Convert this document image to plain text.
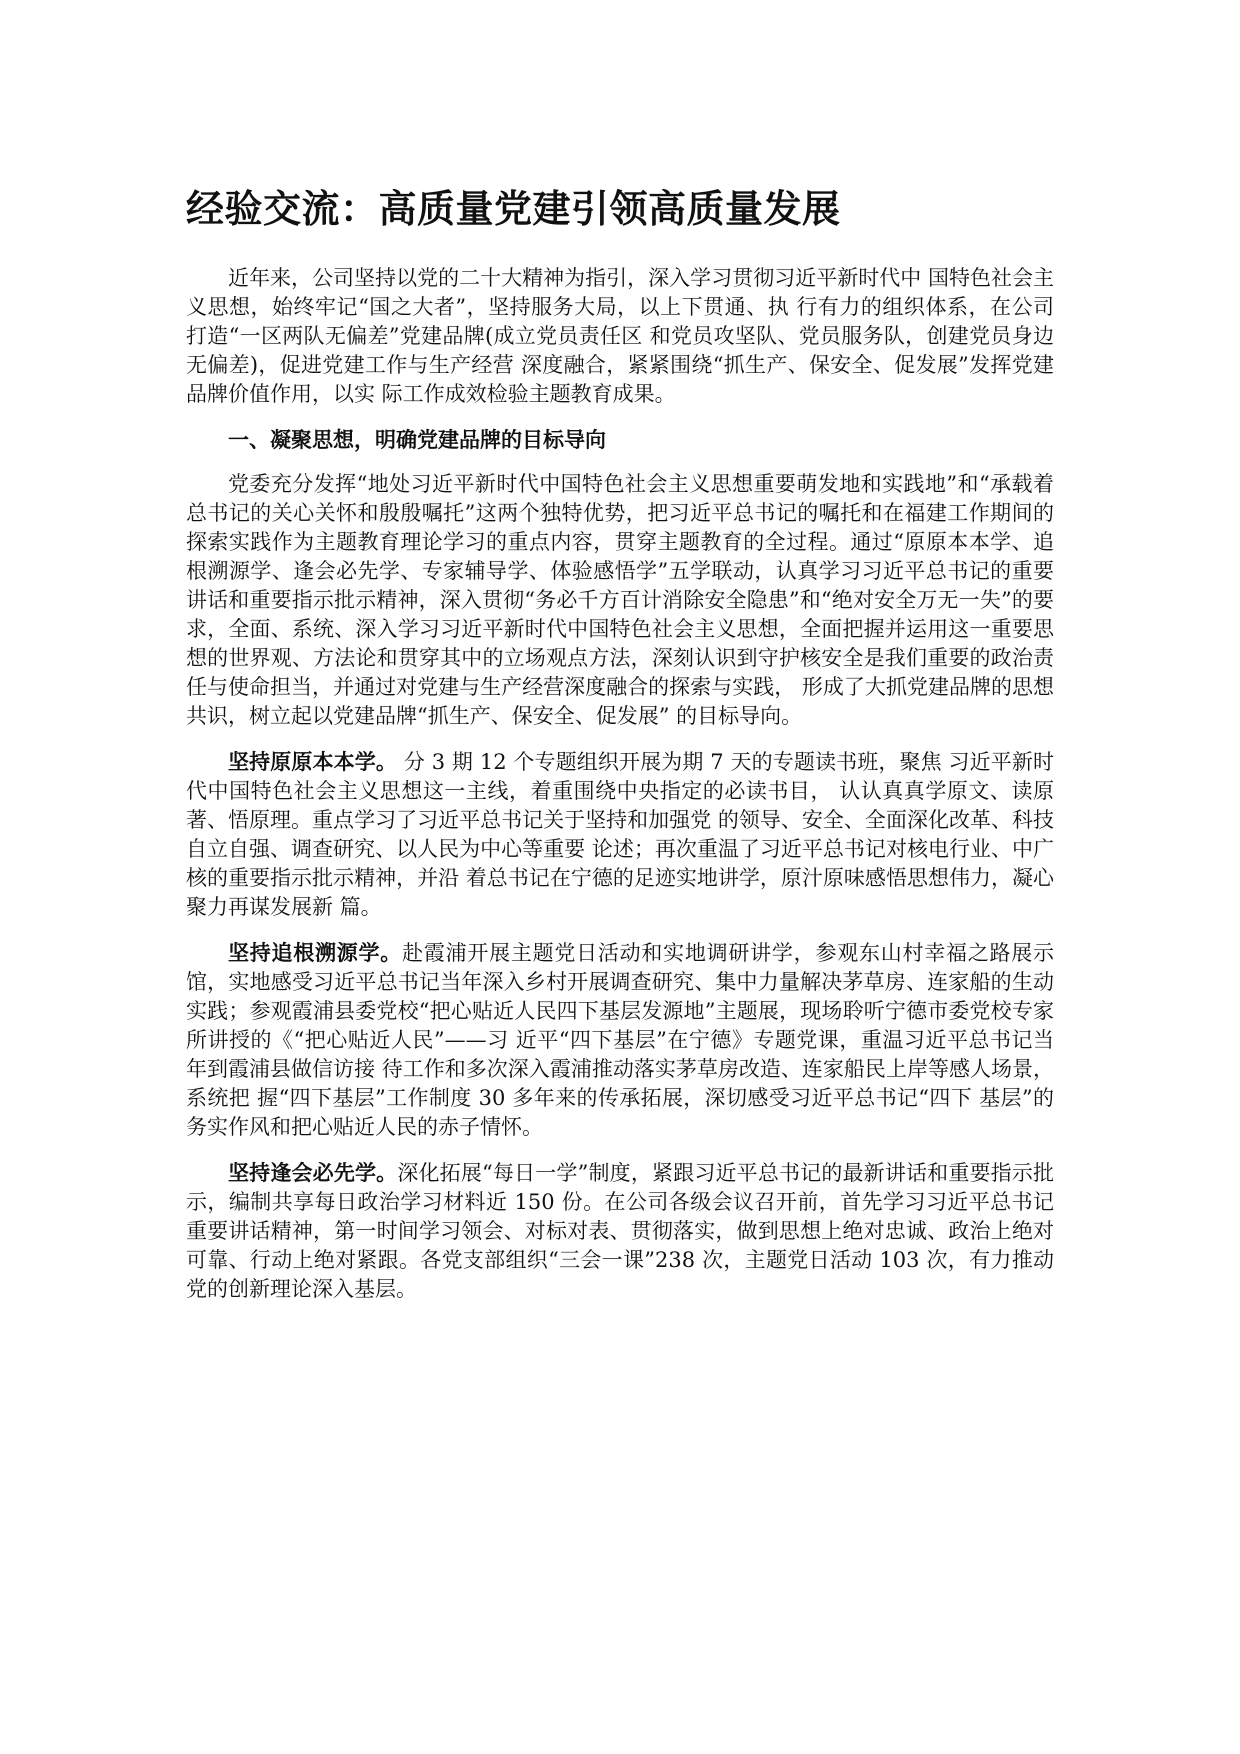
经验交流：高质量党建引领高质量发展

近年来，公司坚持以党的二十大精神为指引，深入学习贯彻习近平新时代中 国特色社会主义思想，始终牢记“国之大者”，坚持服务大局，以上下贯通、执 行有力的组织体系，在公司打造“一区两队无偏差”党建品牌(成立党员责任区 和党员攻坚队、党员服务队，创建党员身边无偏差)，促进党建工作与生产经营 深度融合，紧紧围绕“抓生产、保安全、促发展”发挥党建品牌价值作用，以实 际工作成效检验主题教育成果。

一、凝聚思想，明确党建品牌的目标导向

党委充分发挥“地处习近平新时代中国特色社会主义思想重要萌发地和实践地”和“承载着总书记的关心关怀和殷殷嘱托”这两个独特优势，把习近平总书记的嘱托和在福建工作期间的探索实践作为主题教育理论学习的重点内容，贯穿主题教育的全过程。通过“原原本本学、追根溯源学、逢会必先学、专家辅导学、体验感悟学”五学联动，认真学习习近平总书记的重要讲话和重要指示批示精神，深入贯彻“务必千方百计消除安全隐患”和“绝对安全万无一失”的要求，全面、系统、深入学习习近平新时代中国特色社会主义思想，全面把握并运用这一重要思想的世界观、方法论和贯穿其中的立场观点方法，深刻认识到守护核安全是我们重要的政治责任与使命担当，并通过对党建与生产经营深度融合的探索与实践， 形成了大抓党建品牌的思想共识，树立起以党建品牌“抓生产、保安全、促发展” 的目标导向。

坚持原原本本学。 分 3 期 12 个专题组织开展为期 7 天的专题读书班，聚焦 习近平新时代中国特色社会主义思想这一主线，着重围绕中央指定的必读书目， 认认真真学原文、读原著、悟原理。重点学习了习近平总书记关于坚持和加强党 的领导、安全、全面深化改革、科技自立自强、调查研究、以人民为中心等重要 论述；再次重温了习近平总书记对核电行业、中广核的重要指示批示精神，并沿 着总书记在宁德的足迹实地讲学，原汁原味感悟思想伟力，凝心聚力再谋发展新 篇。

坚持追根溯源学。赴霞浦开展主题党日活动和实地调研讲学，参观东山村幸福之路展示馆，实地感受习近平总书记当年深入乡村开展调查研究、集中力量解决茅草房、连家船的生动实践；参观霞浦县委党校“把心贴近人民四下基层发源地”主题展，现场聆听宁德市委党校专家所讲授的《“把心贴近人民”——习 近平“四下基层”在宁德》专题党课，重温习近平总书记当年到霞浦县做信访接 待工作和多次深入霞浦推动落实茅草房改造、连家船民上岸等感人场景，系统把 握“四下基层”工作制度 30 多年来的传承拓展，深切感受习近平总书记“四下 基层”的务实作风和把心贴近人民的赤子情怀。

坚持逢会必先学。深化拓展“每日一学”制度，紧跟习近平总书记的最新讲话和重要指示批示，编制共享每日政治学习材料近 150 份。在公司各级会议召开前，首先学习习近平总书记重要讲话精神，第一时间学习领会、对标对表、贯彻落实，做到思想上绝对忠诚、政治上绝对可靠、行动上绝对紧跟。各党支部组织“三会一课”238 次，主题党日活动 103 次，有力推动党的创新理论深入基层。
